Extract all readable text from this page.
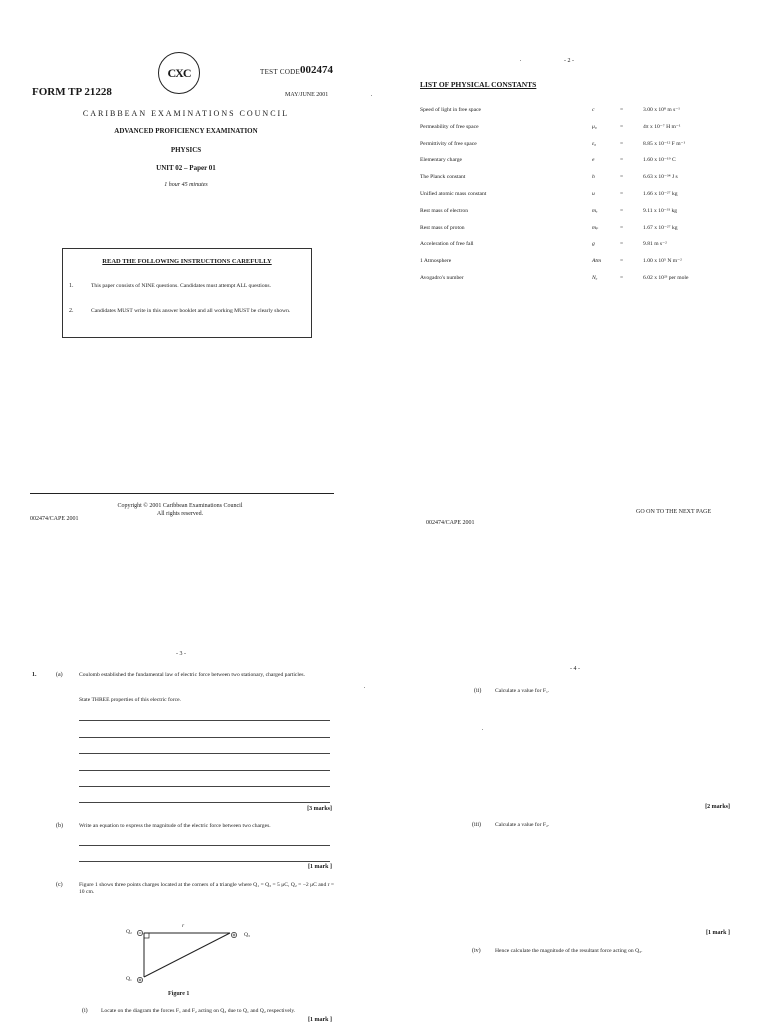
CXC	TEST CODE 002474
FORM TP 21228	MAY/JUNE 2001
CARIBBEAN EXAMINATIONS COUNCIL
ADVANCED PROFICIENCY EXAMINATION
PHYSICS
UNIT 02 – Paper 01
1 hour 45 minutes
READ THE FOLLOWING INSTRUCTIONS CAREFULLY
1.	This paper consists of NINE questions. Candidates must attempt ALL questions.
2.	Candidates MUST write in this answer booklet and all working MUST be clearly shown.
Copyright © 2001 Caribbean Examinations Council
All rights reserved.
002474/CAPE 2001
- 2 -
LIST OF PHYSICAL CONSTANTS
Speed of light in free space	c	=	3.00 x 10⁸ m s⁻¹
Permeability of free space	μ₀	=	4π x 10⁻⁷ H m⁻¹
Permittivity of free space	ε₀	=	8.85 x 10⁻¹² F m⁻¹
Elementary charge	e	=	1.60 x 10⁻¹⁹ C
The Planck constant	h	=	6.63 x 10⁻³⁴ J s
Unified atomic mass constant	u	=	1.66 x 10⁻²⁷ kg
Rest mass of electron	mₑ	=	9.11 x 10⁻³¹ kg
Rest mass of proton	mₚ	=	1.67 x 10⁻²⁷ kg
Acceleration of free fall	g	=	9.81 m s⁻²
1 Atmosphere	Atm	=	1.00 x 10⁵ N m⁻²
Avogadro's number	Nₐ	=	6.02 x 10²³ per mole
002474/CAPE 2001
GO ON TO THE NEXT PAGE
- 3 -
1.	(a)	Coulomb established the fundamental law of electric force between two stationary, charged particles.
State THREE properties of this electric force.
[3 marks]
(b)	Write an equation to express the magnitude of the electric force between two charges.
[1 mark ]
(c)	Figure 1 shows three points charges located at the corners of a triangle where Q₁ = Q₃ = 5 μC, Q₂ = −2 μC and r = 10 cm.
Q₂	Q₃
Q₁
r
Figure 1
(i) Locate on the diagram the forces F₁ and F₂ acting on Q₃ due to Q₁ and Q₂ respectively.
[1 mark ]
- 4 -
(ii) Calculate a value for F₁.
[2 marks]
(iii)	Calculate a value for F₂.
[1 mark ]
(iv)	Hence calculate the magnitude of the resultant force acting on Q₃.
